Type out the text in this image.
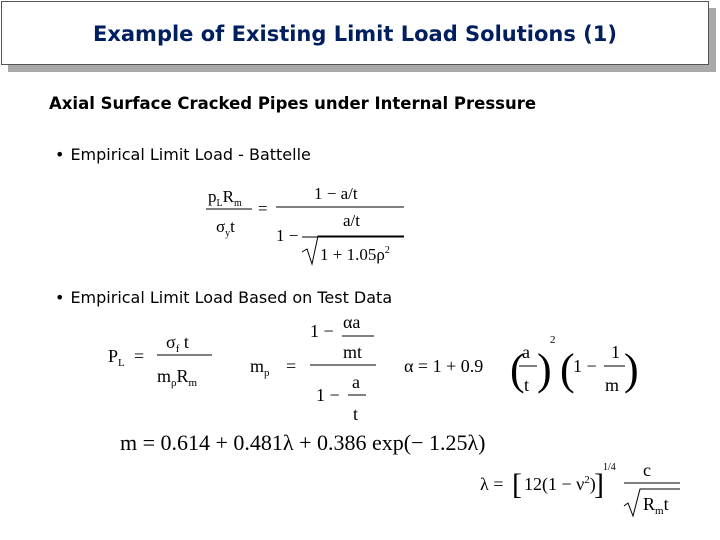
Example of Existing Limit Load Solutions (1)
Axial Surface Cracked Pipes under Internal Pressure
• Empirical Limit Load - Battelle
• Empirical Limit Load Based on Test Data
$p_LR_m$
$\sigma_yt$
=
1 − a/t
a/t
1 −
$1 + 1.05\rho^2$
$P_L$ =
$\sigma_f$ t
$m_\rho R_m$
$m_p$ =
1 − αa
mt
1 −
a
t
α = 1 + 0.9 (
a
t )
2
(
1 −
1
m )
m = 0.614 + 0.481λ + 0.386 exp(− 1.25λ)
λ = [ $12(1 - \nu^2)$
]
1/4 c
$R_mt$
